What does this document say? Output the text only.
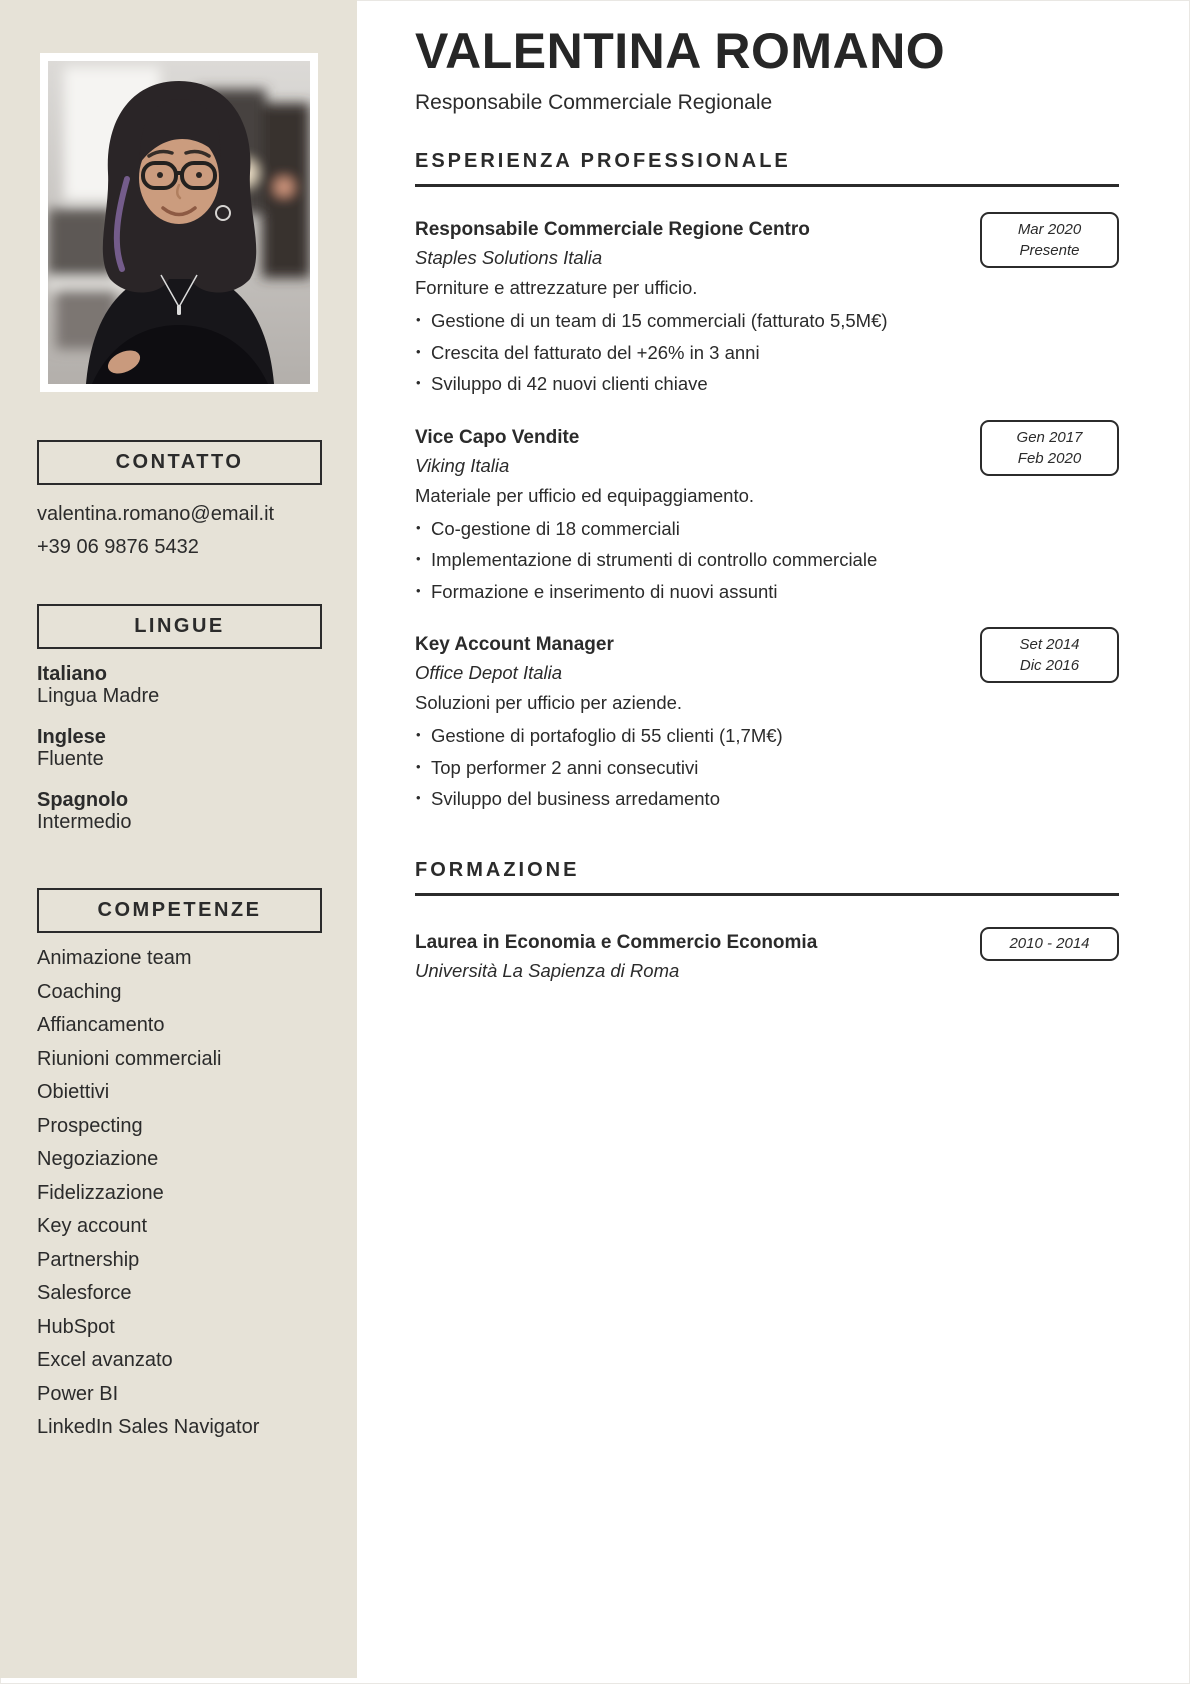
CONTATTO
valentina.romano@email.it
+39 06 9876 5432
LINGUE
Italiano
Lingua Madre
Inglese
Fluente
Spagnolo
Intermedio
COMPETENZE
Animazione team
Coaching
Affiancamento
Riunioni commerciali
Obiettivi
Prospecting
Negoziazione
Fidelizzazione
Key account
Partnership
Salesforce
HubSpot
Excel avanzato
Power BI
LinkedIn Sales Navigator
VALENTINA ROMANO
Responsabile Commerciale Regionale
ESPERIENZA PROFESSIONALE
Responsabile Commerciale Regione Centro
Staples Solutions Italia
Forniture e attrezzature per ufficio.
• Gestione di un team di 15 commerciali (fatturato 5,5M€)
• Crescita del fatturato del +26% in 3 anni
• Sviluppo di 42 nuovi clienti chiave
Mar 2020
Presente
Vice Capo Vendite
Viking Italia
Materiale per ufficio ed equipaggiamento.
• Co-gestione di 18 commerciali
• Implementazione di strumenti di controllo commerciale
• Formazione e inserimento di nuovi assunti
Gen 2017
Feb 2020
Key Account Manager
Office Depot Italia
Soluzioni per ufficio per aziende.
• Gestione di portafoglio di 55 clienti (1,7M€)
• Top performer 2 anni consecutivi
• Sviluppo del business arredamento
Set 2014
Dic 2016
FORMAZIONE
Laurea in Economia e Commercio Economia
Università La Sapienza di Roma
2010 - 2014
